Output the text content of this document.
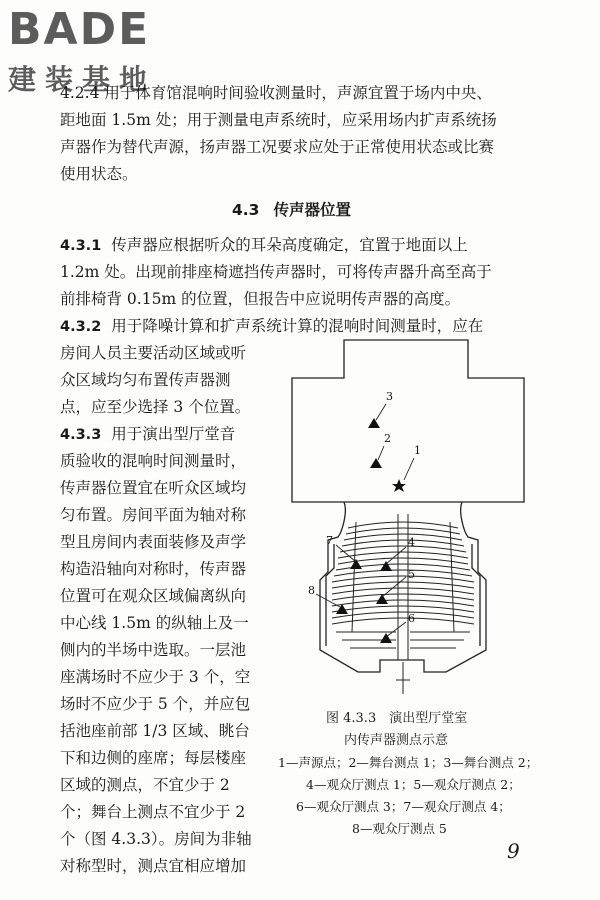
BADE
建装基地
4.2.4 用于体育馆混响时间验收测量时，声源宜置于场内中央、
距地面 1.5m 处；用于测量电声系统时，应采用场内扩声系统扬
声器作为替代声源，扬声器工况要求应处于正常使用状态或比赛
使用状态。
4.3 传声器位置
4.3.1 传声器应根据听众的耳朵高度确定，宜置于地面以上
1.2m 处。出现前排座椅遮挡传声器时，可将传声器升高至高于
前排椅背 0.15m 的位置，但报告中应说明传声器的高度。
4.3.2 用于降噪计算和扩声系统计算的混响时间测量时，应在
房间人员主要活动区域或听
众区域均匀布置传声器测
点，应至少选择 3 个位置。
4.3.3 用于演出型厅堂音
质验收的混响时间测量时，
传声器位置宜在听众区域均
匀布置。房间平面为轴对称
型且房间内表面装修及声学
构造沿轴向对称时，传声器
位置可在观众区域偏离纵向
中心线 1.5m 的纵轴上及一
侧内的半场中选取。一层池
座满场时不应少于 3 个，空
场时不应少于 5 个，并应包
括池座前部 1/3 区域、眺台
下和边侧的座席；每层楼座
区域的测点，不宜少于 2
个；舞台上测点不宜少于 2
个（图 4.3.3）。房间为非轴
对称型时，测点宜相应增加
1
2
3
4
5
6
7
8
图 4.3.3　演出型厅堂室
内传声器测点示意
1—声源点；2—舞台测点 1；3—舞台测点 2；
4—观众厅测点 1；5—观众厅测点 2；
6—观众厅测点 3；7—观众厅测点 4；
8—观众厅测点 5
9
